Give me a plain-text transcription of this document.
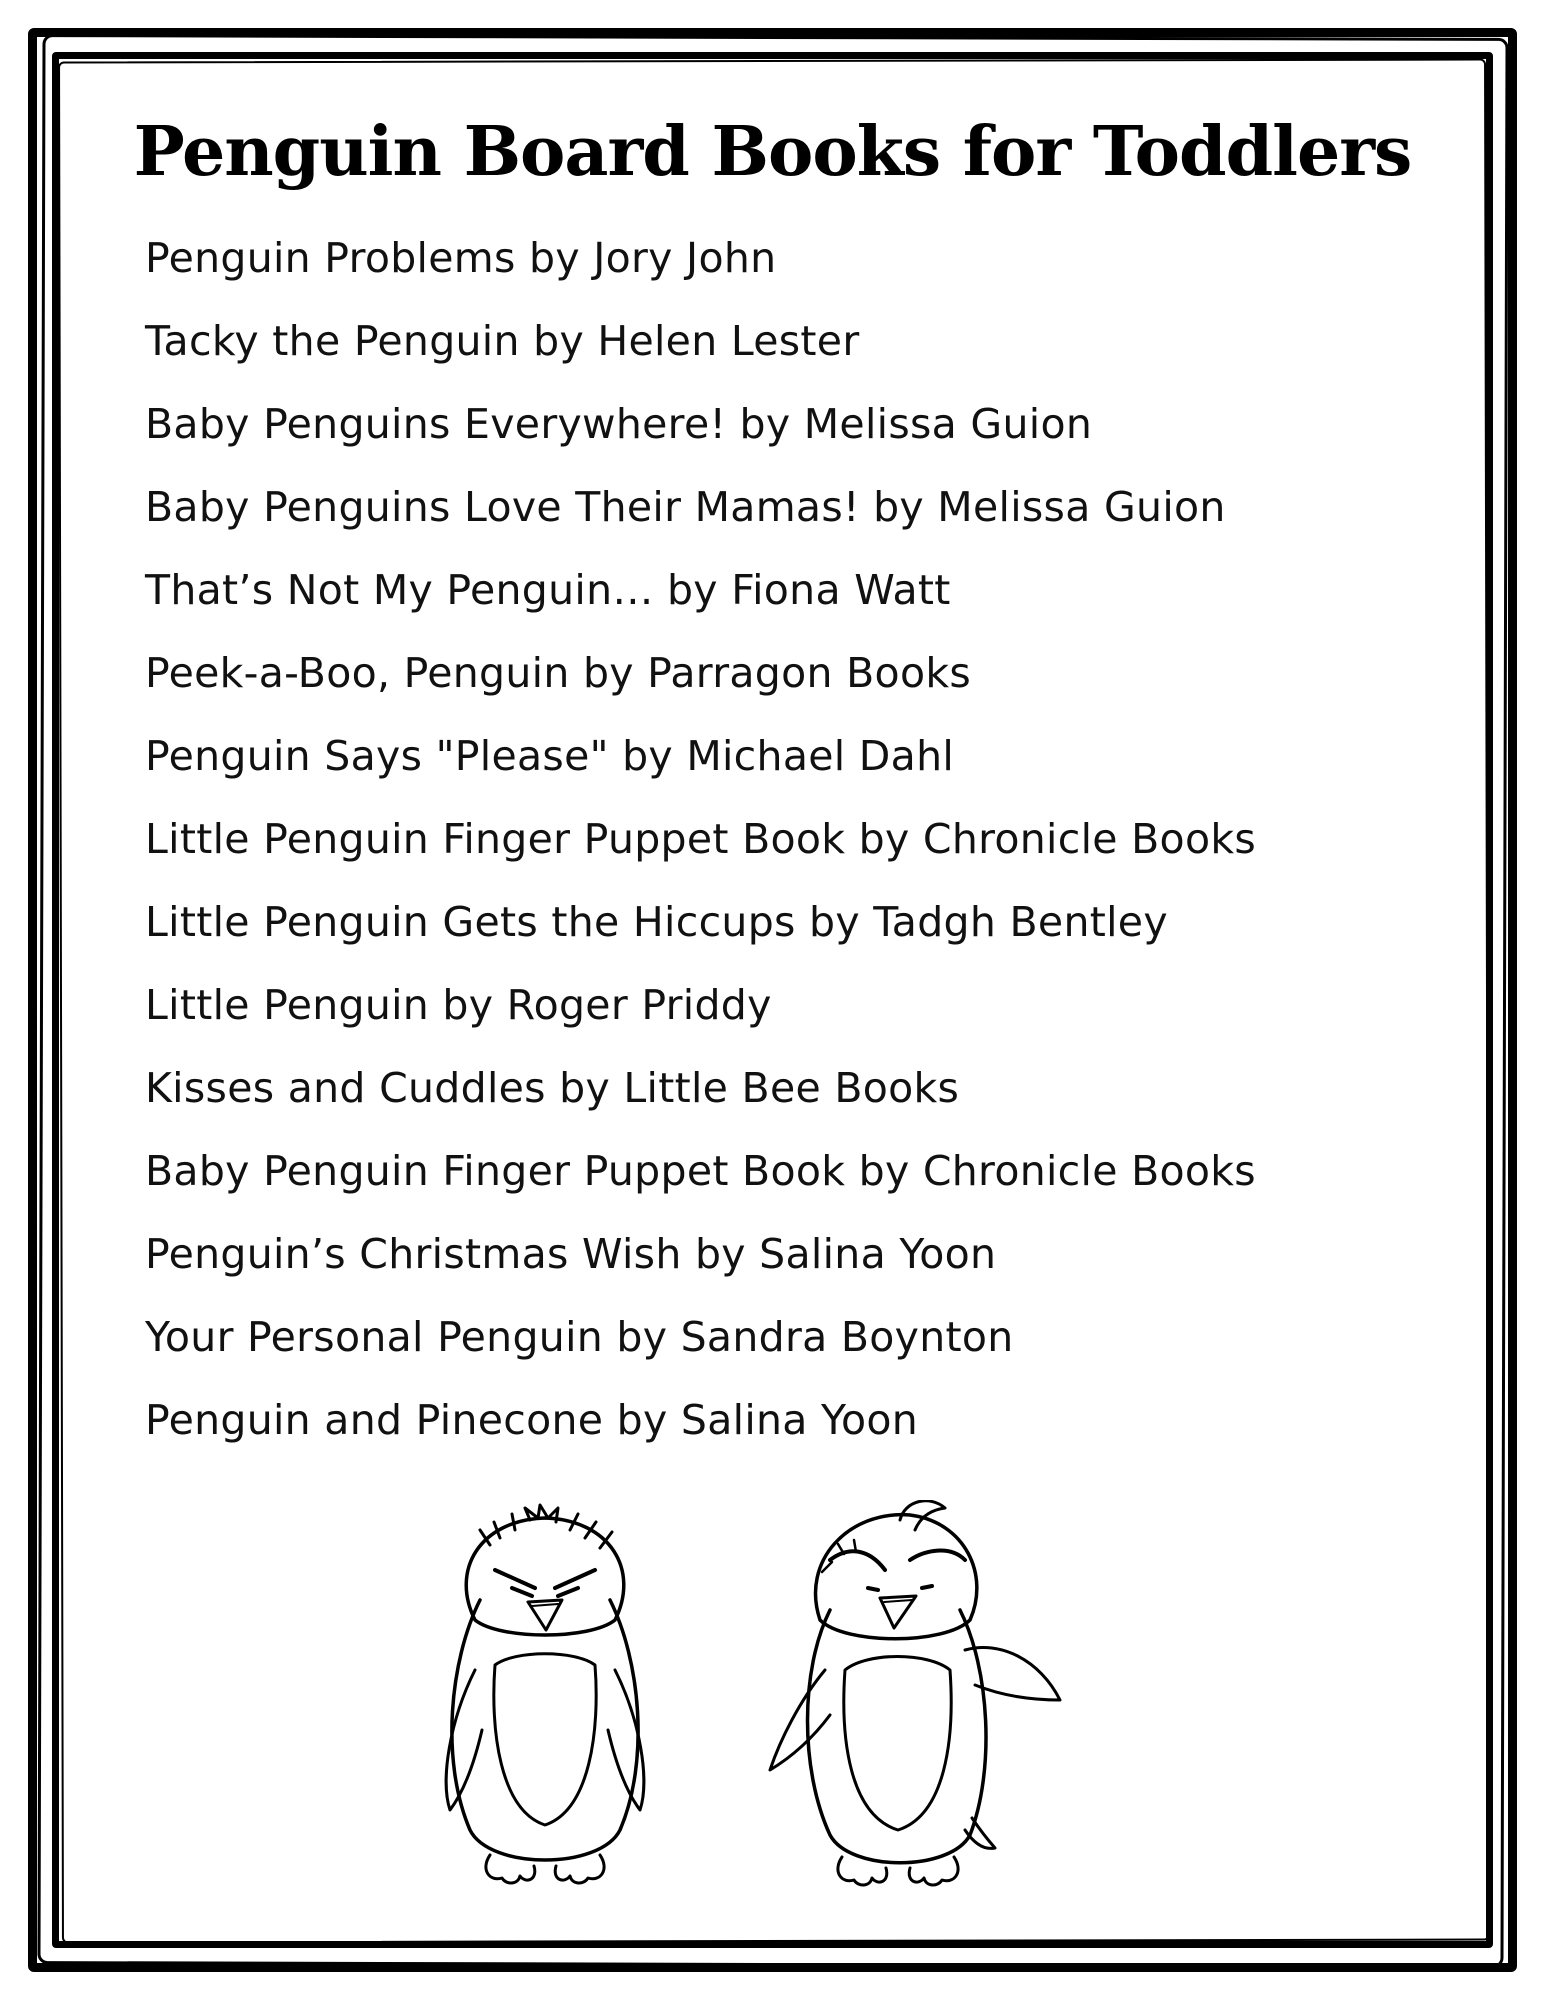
Penguin Board Books for Toddlers
Penguin Problems by Jory John
Tacky the Penguin by Helen Lester
Baby Penguins Everywhere! by Melissa Guion
Baby Penguins Love Their Mamas! by Melissa Guion
That’s Not My Penguin… by Fiona Watt
Peek-a-Boo, Penguin by Parragon Books
Penguin Says "Please" by Michael Dahl
Little Penguin Finger Puppet Book by Chronicle Books
Little Penguin Gets the Hiccups by Tadgh Bentley
Little Penguin by Roger Priddy
Kisses and Cuddles by Little Bee Books
Baby Penguin Finger Puppet Book by Chronicle Books
Penguin’s Christmas Wish by Salina Yoon
Your Personal Penguin by Sandra Boynton
Penguin and Pinecone by Salina Yoon
